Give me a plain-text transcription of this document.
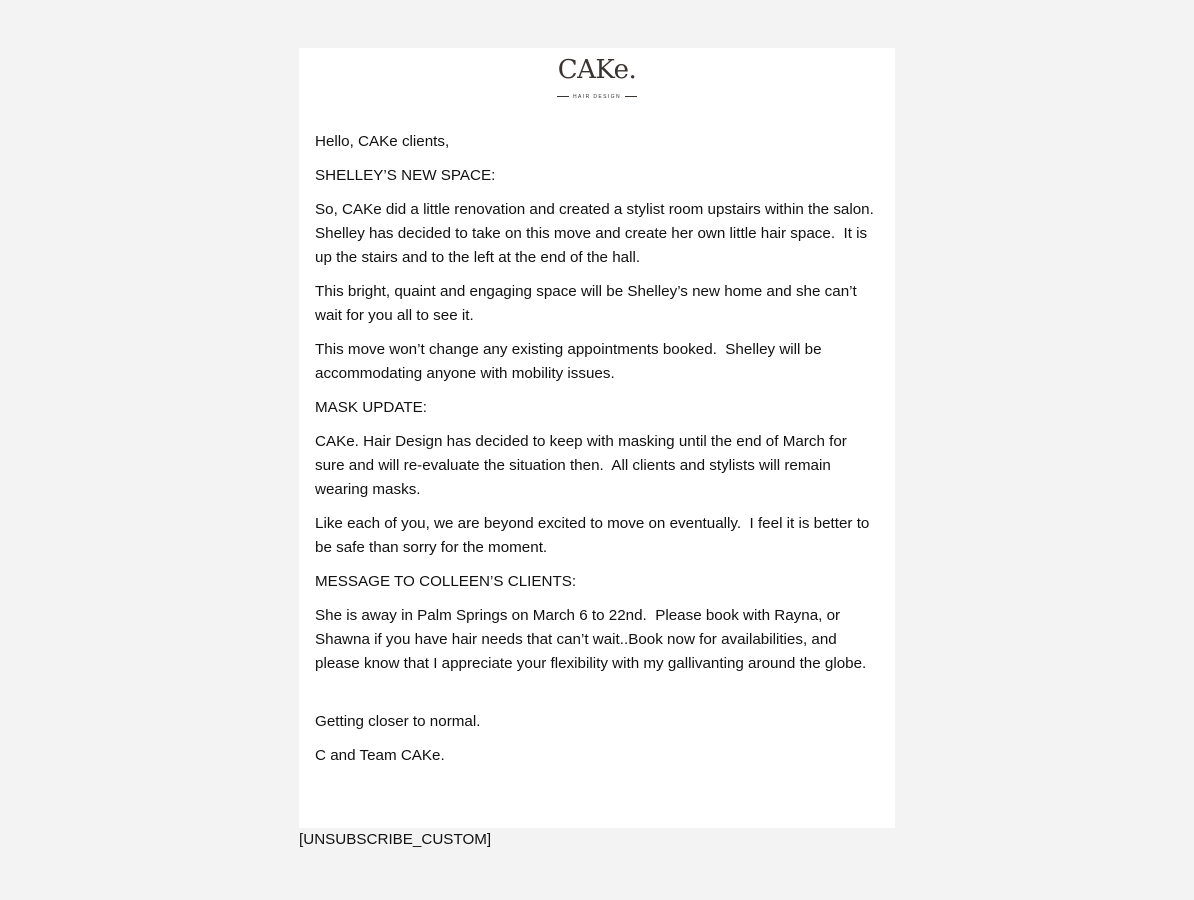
CAKe.
HAIR DESIGN

Hello, CAKe clients,

SHELLEY’S NEW SPACE:

So, CAKe did a little renovation and created a stylist room upstairs within the salon.  Shelley has decided to take on this move and create her own little hair space.  It is up the stairs and to the left at the end of the hall.

This bright, quaint and engaging space will be Shelley’s new home and she can’t wait for you all to see it.

This move won’t change any existing appointments booked.  Shelley will be accommodating anyone with mobility issues.

MASK UPDATE:

CAKe. Hair Design has decided to keep with masking until the end of March for sure and will re-evaluate the situation then.  All clients and stylists will remain wearing masks.

Like each of you, we are beyond excited to move on eventually.  I feel it is better to be safe than sorry for the moment.

MESSAGE TO COLLEEN’S CLIENTS:

She is away in Palm Springs on March 6 to 22nd.  Please book with Rayna, or Shawna if you have hair needs that can’t wait..Book now for availabilities, and please know that I appreciate your flexibility with my gallivanting around the globe.

Getting closer to normal.

C and Team CAKe.

[UNSUBSCRIBE_CUSTOM]
